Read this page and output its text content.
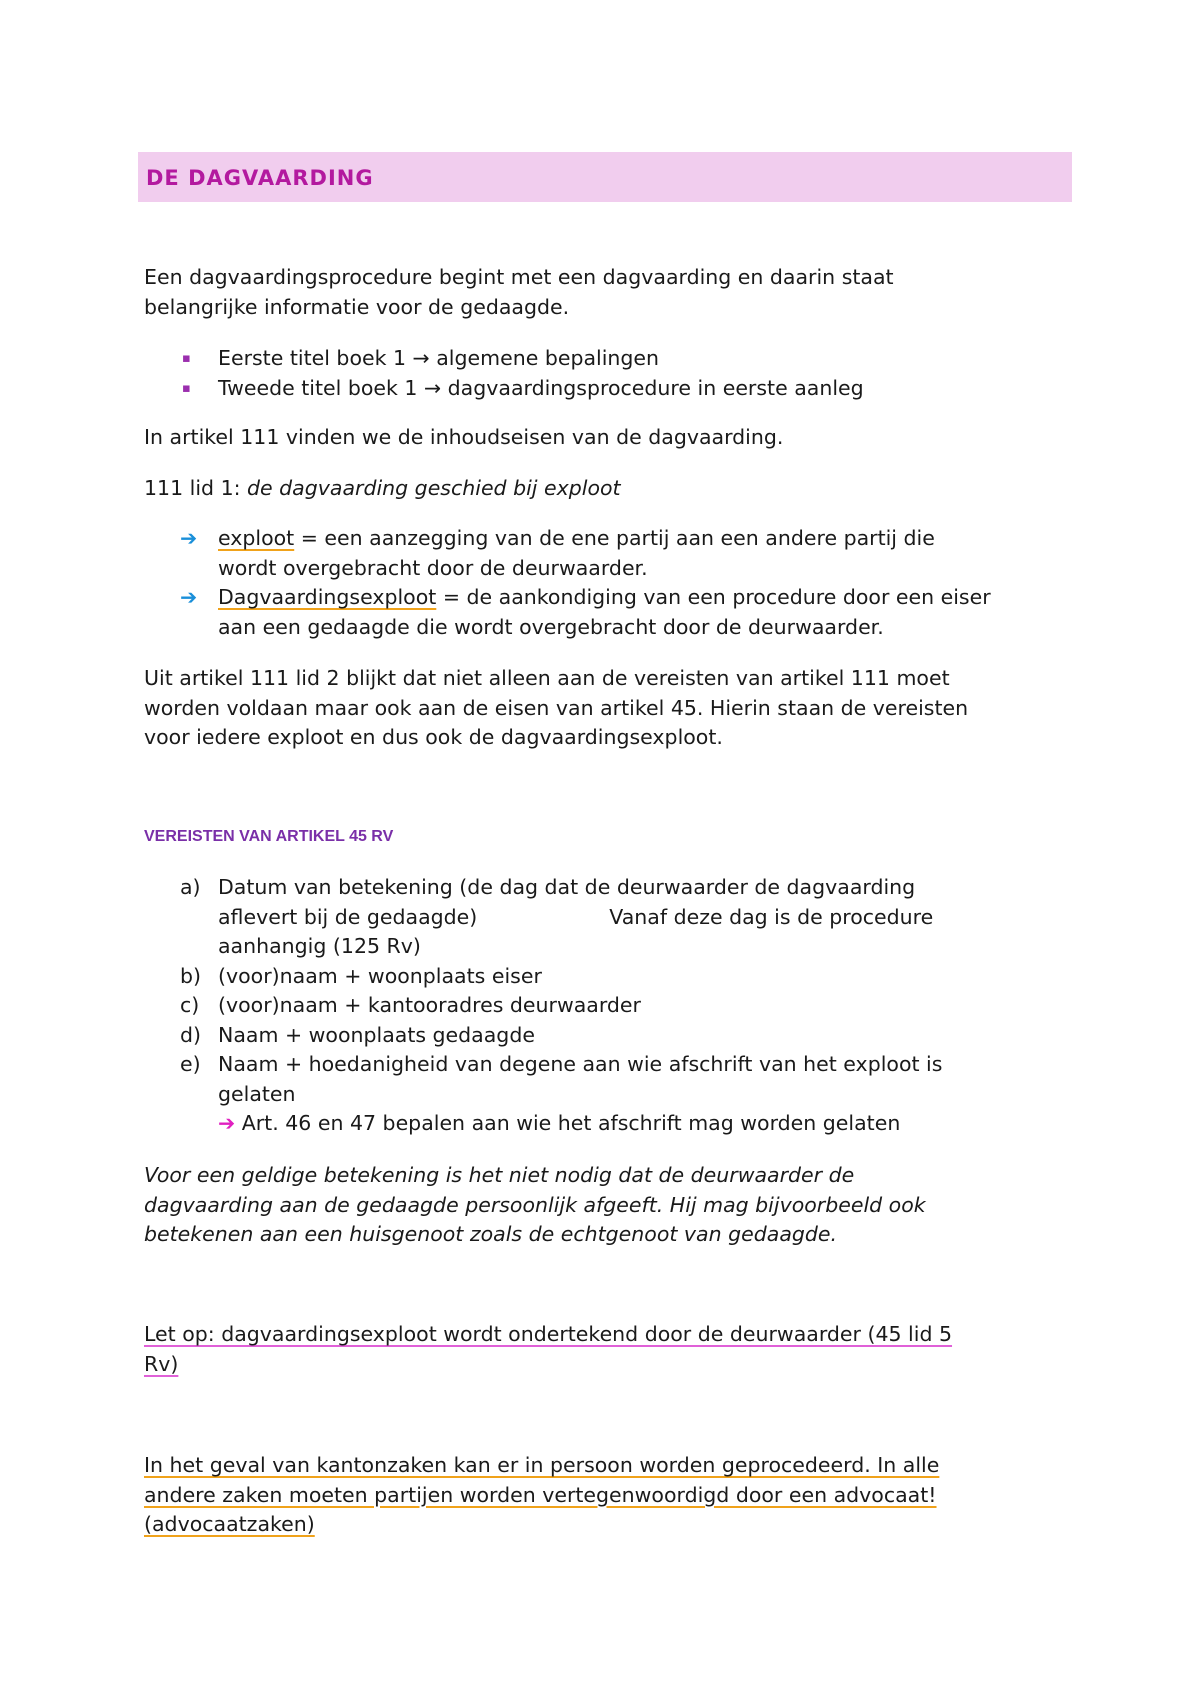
DE DAGVAARDING

Een dagvaardingsprocedure begint met een dagvaarding en daarin staat

belangrijke informatie voor de gedaagde.

▪	Eerste titel boek 1 → algemene bepalingen
▪	Tweede titel boek 1 → dagvaardingsprocedure in eerste aanleg

In artikel 111 vinden we de inhoudseisen van de dagvaarding.

111 lid 1: de dagvaarding geschied bij exploot

➔	exploot = een aanzegging van de ene partij aan een andere partij die
wordt overgebracht door de deurwaarder.
➔	Dagvaardingsexploot = de aankondiging van een procedure door een eiser
aan een gedaagde die wordt overgebracht door de deurwaarder.

Uit artikel 111 lid 2 blijkt dat niet alleen aan de vereisten van artikel 111 moet

worden voldaan maar ook aan de eisen van artikel 45. Hierin staan de vereisten

voor iedere exploot en dus ook de dagvaardingsexploot.

VEREISTEN VAN ARTIKEL 45 RV
a) Datum van betekening (de dag dat de deurwaarder de dagvaarding
aflevert bij de gedaagde)	Vanaf deze dag is de procedure
aanhangig (125 Rv)
b) (voor)naam + woonplaats eiser
c) (voor)naam + kantooradres deurwaarder
d) Naam + woonplaats gedaagde
e) Naam + hoedanigheid van degene aan wie afschrift van het exploot is
gelaten
➔ Art. 46 en 47 bepalen aan wie het afschrift mag worden gelaten

Voor een geldige betekening is het niet nodig dat de deurwaarder de

dagvaarding aan de gedaagde persoonlijk afgeeft. Hij mag bijvoorbeeld ook

betekenen aan een huisgenoot zoals de echtgenoot van gedaagde.

Let op: dagvaardingsexploot wordt ondertekend door de deurwaarder (45 lid 5

Rv)

In het geval van kantonzaken kan er in persoon worden geprocedeerd. In alle

andere zaken moeten partijen worden vertegenwoordigd door een advocaat!

(advocaatzaken)
